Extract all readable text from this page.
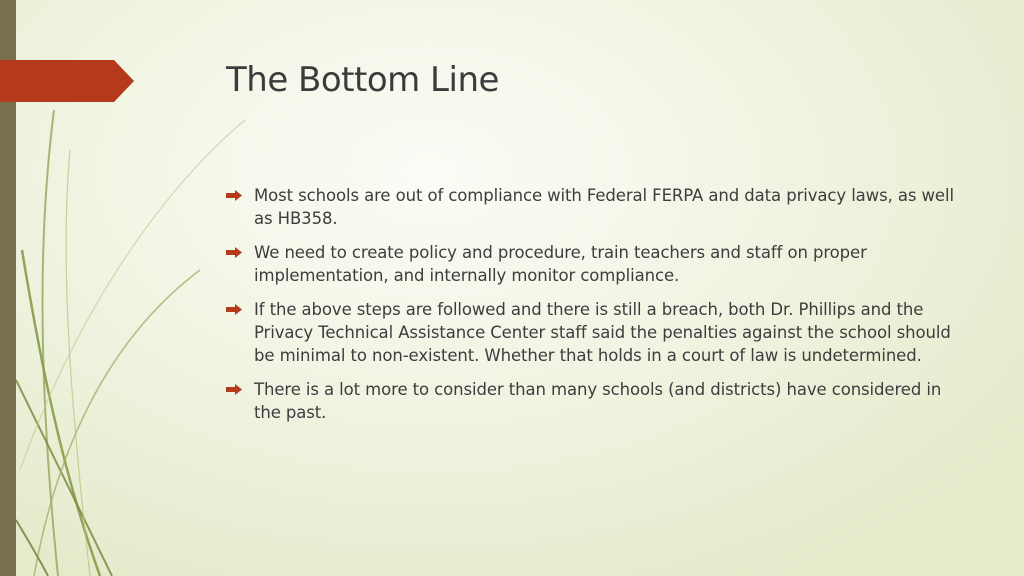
The Bottom Line
Most schools are out of compliance with Federal FERPA and data privacy laws, as well as HB358.
We need to create policy and procedure, train teachers and staff on proper implementation, and internally monitor compliance.
If the above steps are followed and there is still a breach, both Dr. Phillips and the Privacy Technical Assistance Center staff said the penalties against the school should be minimal to non-existent. Whether that holds in a court of law is undetermined.
There is a lot more to consider than many schools (and districts) have considered in the past.
